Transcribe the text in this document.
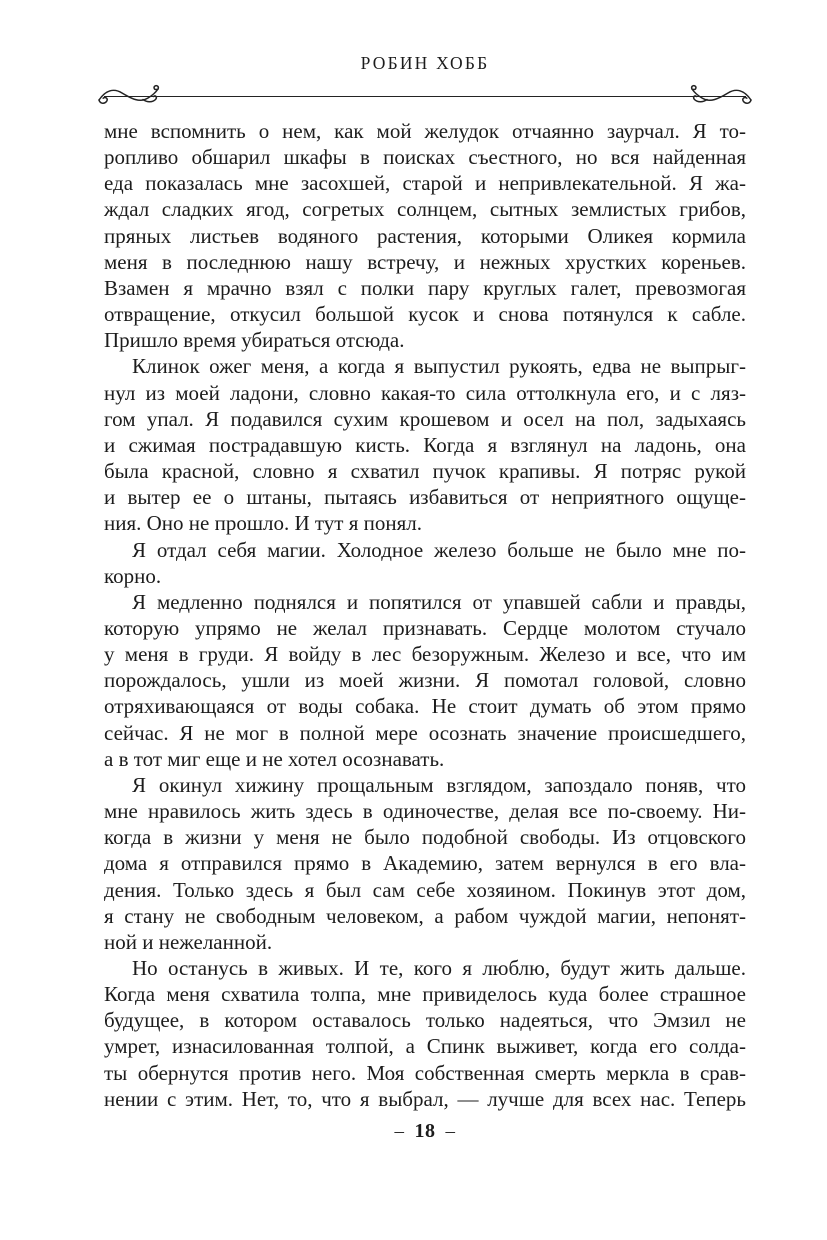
РОБИН ХОББ
мне вспомнить о нем, как мой желудок отчаянно заурчал. Я то-
ропливо обшарил шкафы в поисках съестного, но вся найденная
еда показалась мне засохшей, старой и непривлекательной. Я жа-
ждал сладких ягод, согретых солнцем, сытных землистых грибов,
пряных листьев водяного растения, которыми Оликея кормила
меня в последнюю нашу встречу, и нежных хрустких кореньев.
Взамен я мрачно взял с полки пару круглых галет, превозмогая
отвращение, откусил большой кусок и снова потянулся к сабле.
Пришло время убираться отсюда.
Клинок ожег меня, а когда я выпустил рукоять, едва не выпрыг-
нул из моей ладони, словно какая-то сила оттолкнула его, и с ляз-
гом упал. Я подавился сухим крошевом и осел на пол, задыхаясь
и сжимая пострадавшую кисть. Когда я взглянул на ладонь, она
была красной, словно я схватил пучок крапивы. Я потряс рукой
и вытер ее о штаны, пытаясь избавиться от неприятного ощуще-
ния. Оно не прошло. И тут я понял.
Я отдал себя магии. Холодное железо больше не было мне по-
корно.
Я медленно поднялся и попятился от упавшей сабли и правды,
которую упрямо не желал признавать. Сердце молотом стучало
у меня в груди. Я войду в лес безоружным. Железо и все, что им
порождалось, ушли из моей жизни. Я помотал головой, словно
отряхивающаяся от воды собака. Не стоит думать об этом прямо
сейчас. Я не мог в полной мере осознать значение происшедшего,
а в тот миг еще и не хотел осознавать.
Я окинул хижину прощальным взглядом, запоздало поняв, что
мне нравилось жить здесь в одиночестве, делая все по-своему. Ни-
когда в жизни у меня не было подобной свободы. Из отцовского
дома я отправился прямо в Академию, затем вернулся в его вла-
дения. Только здесь я был сам себе хозяином. Покинув этот дом,
я стану не свободным человеком, а рабом чуждой магии, непонят-
ной и нежеланной.
Но останусь в живых. И те, кого я люблю, будут жить дальше.
Когда меня схватила толпа, мне привиделось куда более страшное
будущее, в котором оставалось только надеяться, что Эмзил не
умрет, изнасилованная толпой, а Спинк выживет, когда его солда-
ты обернутся против него. Моя собственная смерть меркла в срав-
нении с этим. Нет, то, что я выбрал, — лучше для всех нас. Теперь
– 18 –
